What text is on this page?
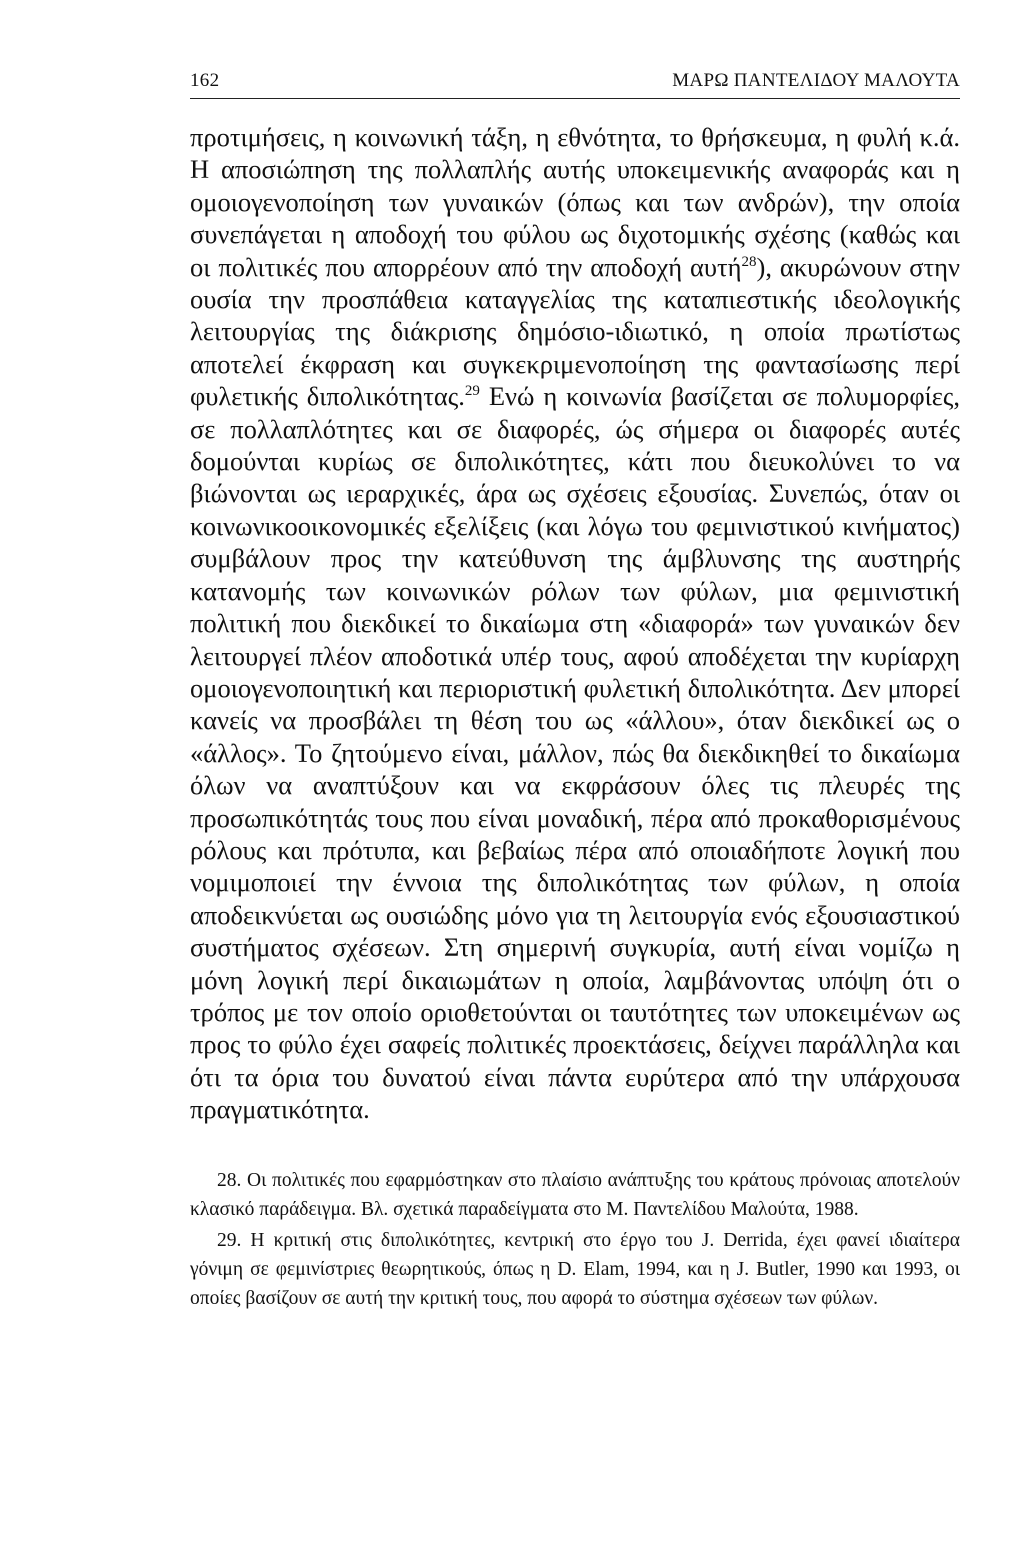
162	ΜΑΡΩ ΠΑΝΤΕΛΙΔΟΥ ΜΑΛΟΥΤΑ
προτιμήσεις, η κοινωνική τάξη, η εθνότητα, το θρήσκευμα, η φυλή κ.ά. Η αποσιώπηση της πολλαπλής αυτής υποκειμενικής αναφοράς και η ομοιογενοποίηση των γυναικών (όπως και των ανδρών), την οποία συνεπάγεται η αποδοχή του φύλου ως διχοτομικής σχέσης (καθώς και οι πολιτικές που απορρέουν από την αποδοχή αυτή$^{28}$), ακυρώνουν στην ουσία την προσπάθεια καταγγελίας της καταπιεστικής ιδεολογικής λειτουργίας της διάκρισης δημόσιο-ιδιωτικό, η οποία πρωτίστως αποτελεί έκφραση και συγκεκριμενοποίηση της φαντασίωσης περί φυλετικής διπολικότητας.$^{29}$ Ενώ η κοινωνία βασίζεται σε πολυμορφίες, σε πολλαπλότητες και σε διαφορές, ώς σήμερα οι διαφορές αυτές δομούνται κυρίως σε διπολικότητες, κάτι που διευκολύνει το να βιώνονται ως ιεραρχικές, άρα ως σχέσεις εξουσίας. Συνεπώς, όταν οι κοινωνικοοικονομικές εξελίξεις (και λόγω του φεμινιστικού κινήματος) συμβάλουν προς την κατεύθυνση της άμβλυνσης της αυστηρής κατανομής των κοινωνικών ρόλων των φύλων, μια φεμινιστική πολιτική που διεκδικεί το δικαίωμα στη «διαφορά» των γυναικών δεν λειτουργεί πλέον αποδοτικά υπέρ τους, αφού αποδέχεται την κυρίαρχη ομοιογενοποιητική και περιοριστική φυλετική διπολικότητα. Δεν μπορεί κανείς να προσβάλει τη θέση του ως «άλλου», όταν διεκδικεί ως ο «άλλος». Το ζητούμενο είναι, μάλλον, πώς θα διεκδικηθεί το δικαίωμα όλων να αναπτύξουν και να εκφράσουν όλες τις πλευρές της προσωπικότητάς τους που είναι μοναδική, πέρα από προκαθορισμένους ρόλους και πρότυπα, και βεβαίως πέρα από οποιαδήποτε λογική που νομιμοποιεί την έννοια της διπολικότητας των φύλων, η οποία αποδεικνύεται ως ουσιώδης μόνο για τη λειτουργία ενός εξουσιαστικού συστήματος σχέσεων. Στη σημερινή συγκυρία, αυτή είναι νομίζω η μόνη λογική περί δικαιωμάτων η οποία, λαμβάνοντας υπόψη ότι ο τρόπος με τον οποίο οριοθετούνται οι ταυτότητες των υποκειμένων ως προς το φύλο έχει σαφείς πολιτικές προεκτάσεις, δείχνει παράλληλα και ότι τα όρια του δυνατού είναι πάντα ευρύτερα από την υπάρχουσα πραγματικότητα.

28. Οι πολιτικές που εφαρμόστηκαν στο πλαίσιο ανάπτυξης του κράτους πρόνοιας αποτελούν κλασικό παράδειγμα. Βλ. σχετικά παραδείγματα στο Μ. Παντελίδου Μαλούτα, 1988.

29. Η κριτική στις διπολικότητες, κεντρική στο έργο του J. Derrida, έχει φανεί ιδιαίτερα γόνιμη σε φεμινίστριες θεωρητικούς, όπως η D. Elam, 1994, και η J. Butler, 1990 και 1993, οι οποίες βασίζουν σε αυτή την κριτική τους, που αφορά το σύστημα σχέσεων των φύλων.
